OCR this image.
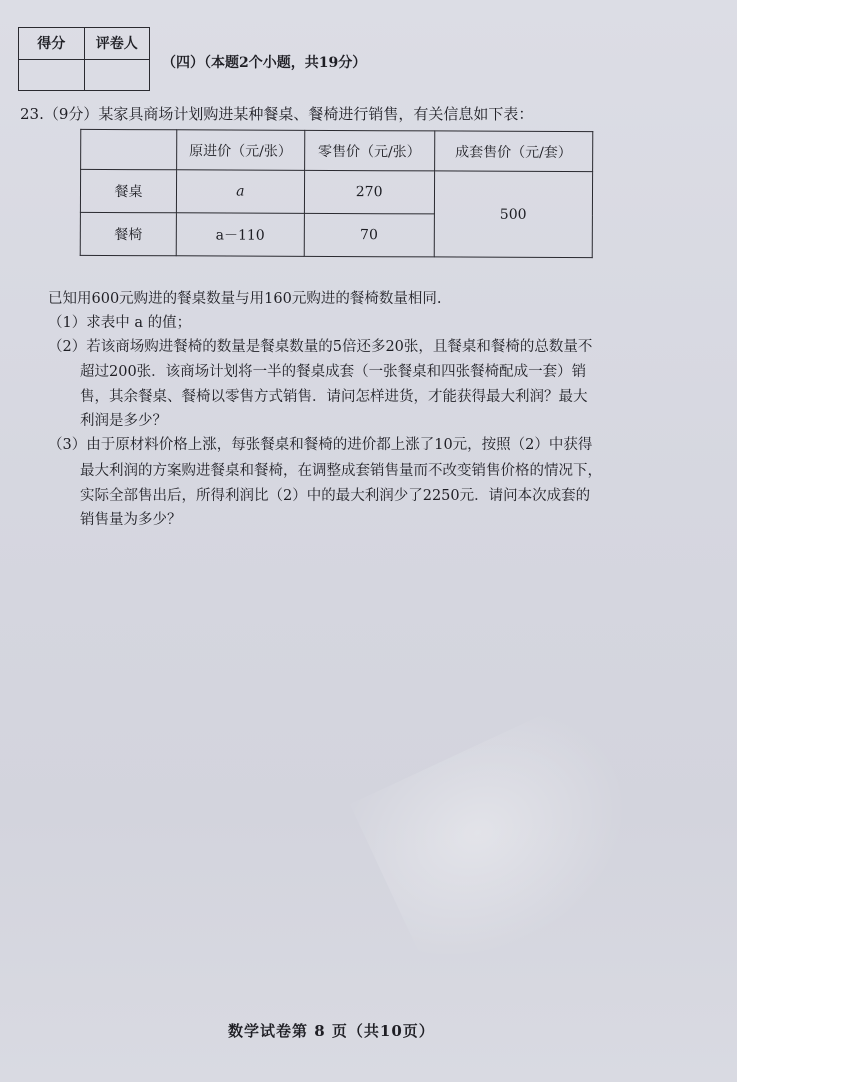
得分	评卷人

（四）（本题2个小题，共19分）
23.（9分）某家具商场计划购进某种餐桌、餐椅进行销售，有关信息如下表：
	原进价（元/张）	零售价（元/张）	成套售价（元/套）
餐桌	a	270	500
餐椅	a－110	70	
已知用600元购进的餐桌数量与用160元购进的餐椅数量相同.
（1）求表中 a 的值；
（2）若该商场购进餐椅的数量是餐桌数量的5倍还多20张，且餐桌和餐椅的总数量不
超过200张．该商场计划将一半的餐桌成套（一张餐桌和四张餐椅配成一套）销
售，其余餐桌、餐椅以零售方式销售．请问怎样进货，才能获得最大利润？最大
利润是多少？
（3）由于原材料价格上涨，每张餐桌和餐椅的进价都上涨了10元，按照（2）中获得
最大利润的方案购进餐桌和餐椅，在调整成套销售量而不改变销售价格的情况下，
实际全部售出后，所得利润比（2）中的最大利润少了2250元．请问本次成套的
销售量为多少？
数学试卷第 8 页（共10页）
